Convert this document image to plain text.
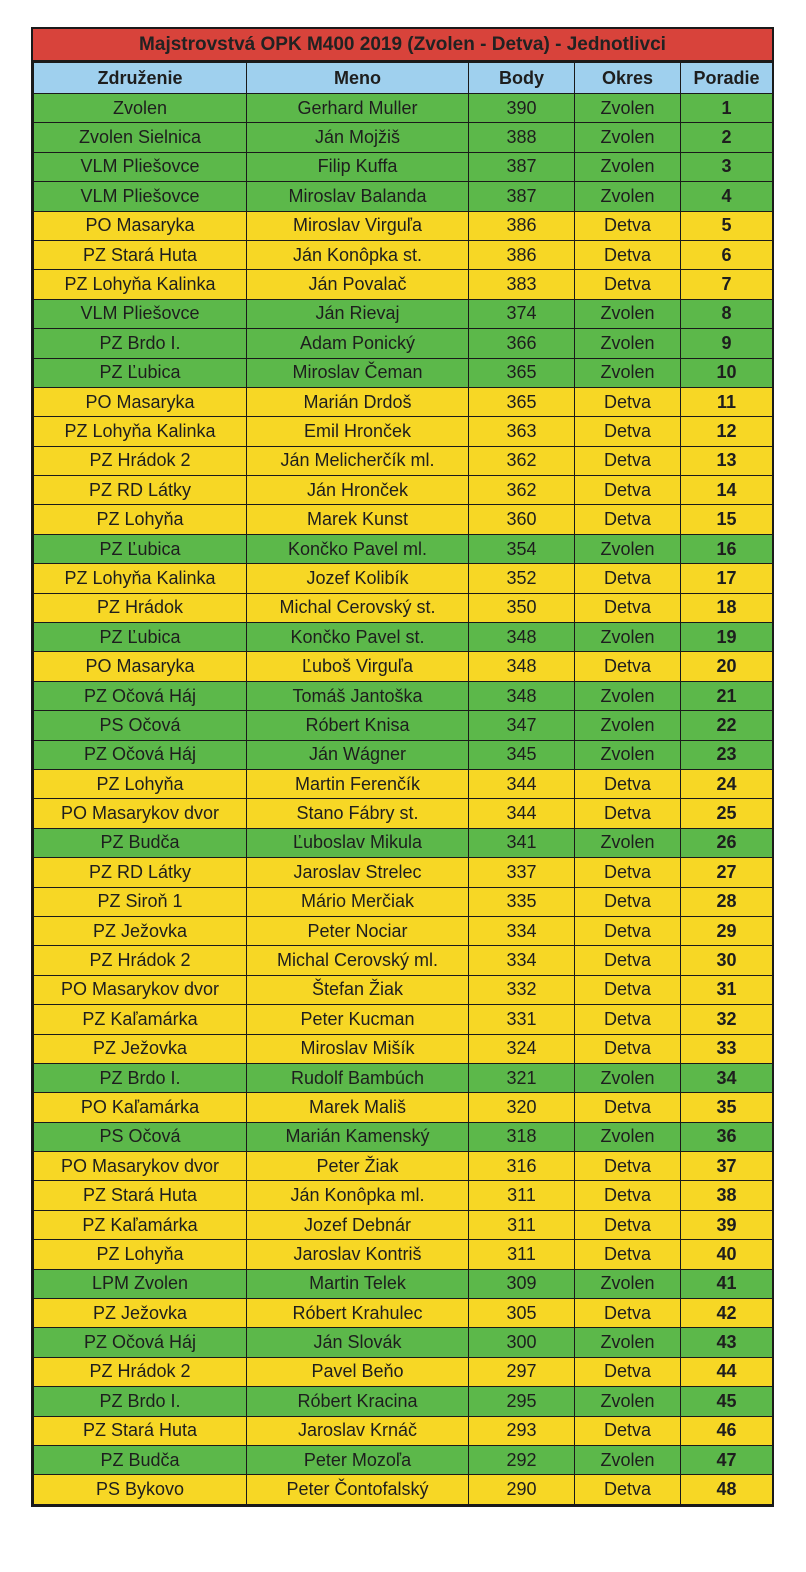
Majstrovstvá OPK M400 2019 (Zvolen - Detva) - Jednotlivci
Združenie	Meno	Body	Okres	Poradie
Zvolen	Gerhard Muller	390	Zvolen	1
Zvolen Sielnica	Ján Mojžiš	388	Zvolen	2
VLM Pliešovce	Filip Kuffa	387	Zvolen	3
VLM Pliešovce	Miroslav Balanda	387	Zvolen	4
PO Masaryka	Miroslav Virguľa	386	Detva	5
PZ Stará Huta	Ján Konôpka st.	386	Detva	6
PZ Lohyňa Kalinka	Ján Povalač	383	Detva	7
VLM Pliešovce	Ján Rievaj	374	Zvolen	8
PZ Brdo I.	Adam Ponický	366	Zvolen	9
PZ Ľubica	Miroslav Čeman	365	Zvolen	10
PO Masaryka	Marián Drdoš	365	Detva	11
PZ Lohyňa Kalinka	Emil Hronček	363	Detva	12
PZ Hrádok 2	Ján Melicherčík ml.	362	Detva	13
PZ RD Látky	Ján Hronček	362	Detva	14
PZ Lohyňa	Marek Kunst	360	Detva	15
PZ Ľubica	Končko Pavel ml.	354	Zvolen	16
PZ Lohyňa Kalinka	Jozef Kolibík	352	Detva	17
PZ Hrádok	Michal Cerovský st.	350	Detva	18
PZ Ľubica	Končko Pavel st.	348	Zvolen	19
PO Masaryka	Ľuboš Virguľa	348	Detva	20
PZ Očová Háj	Tomáš Jantoška	348	Zvolen	21
PS Očová	Róbert Knisa	347	Zvolen	22
PZ Očová Háj	Ján Wágner	345	Zvolen	23
PZ Lohyňa	Martin Ferenčík	344	Detva	24
PO Masarykov dvor	Stano Fábry st.	344	Detva	25
PZ Budča	Ľuboslav Mikula	341	Zvolen	26
PZ RD Látky	Jaroslav Strelec	337	Detva	27
PZ Siroň 1	Mário Merčiak	335	Detva	28
PZ Ježovka	Peter Nociar	334	Detva	29
PZ Hrádok 2	Michal Cerovský ml.	334	Detva	30
PO Masarykov dvor	Štefan Žiak	332	Detva	31
PZ Kaľamárka	Peter Kucman	331	Detva	32
PZ Ježovka	Miroslav Mišík	324	Detva	33
PZ Brdo I.	Rudolf Bambúch	321	Zvolen	34
PO Kaľamárka	Marek Mališ	320	Detva	35
PS Očová	Marián Kamenský	318	Zvolen	36
PO Masarykov dvor	Peter Žiak	316	Detva	37
PZ Stará Huta	Ján Konôpka ml.	311	Detva	38
PZ Kaľamárka	Jozef Debnár	311	Detva	39
PZ Lohyňa	Jaroslav Kontriš	311	Detva	40
LPM Zvolen	Martin Telek	309	Zvolen	41
PZ Ježovka	Róbert Krahulec	305	Detva	42
PZ Očová Háj	Ján Slovák	300	Zvolen	43
PZ Hrádok 2	Pavel Beňo	297	Detva	44
PZ Brdo I.	Róbert Kracina	295	Zvolen	45
PZ Stará Huta	Jaroslav Krnáč	293	Detva	46
PZ Budča	Peter Mozoľa	292	Zvolen	47
PS Bykovo	Peter Čontofalský	290	Detva	48
